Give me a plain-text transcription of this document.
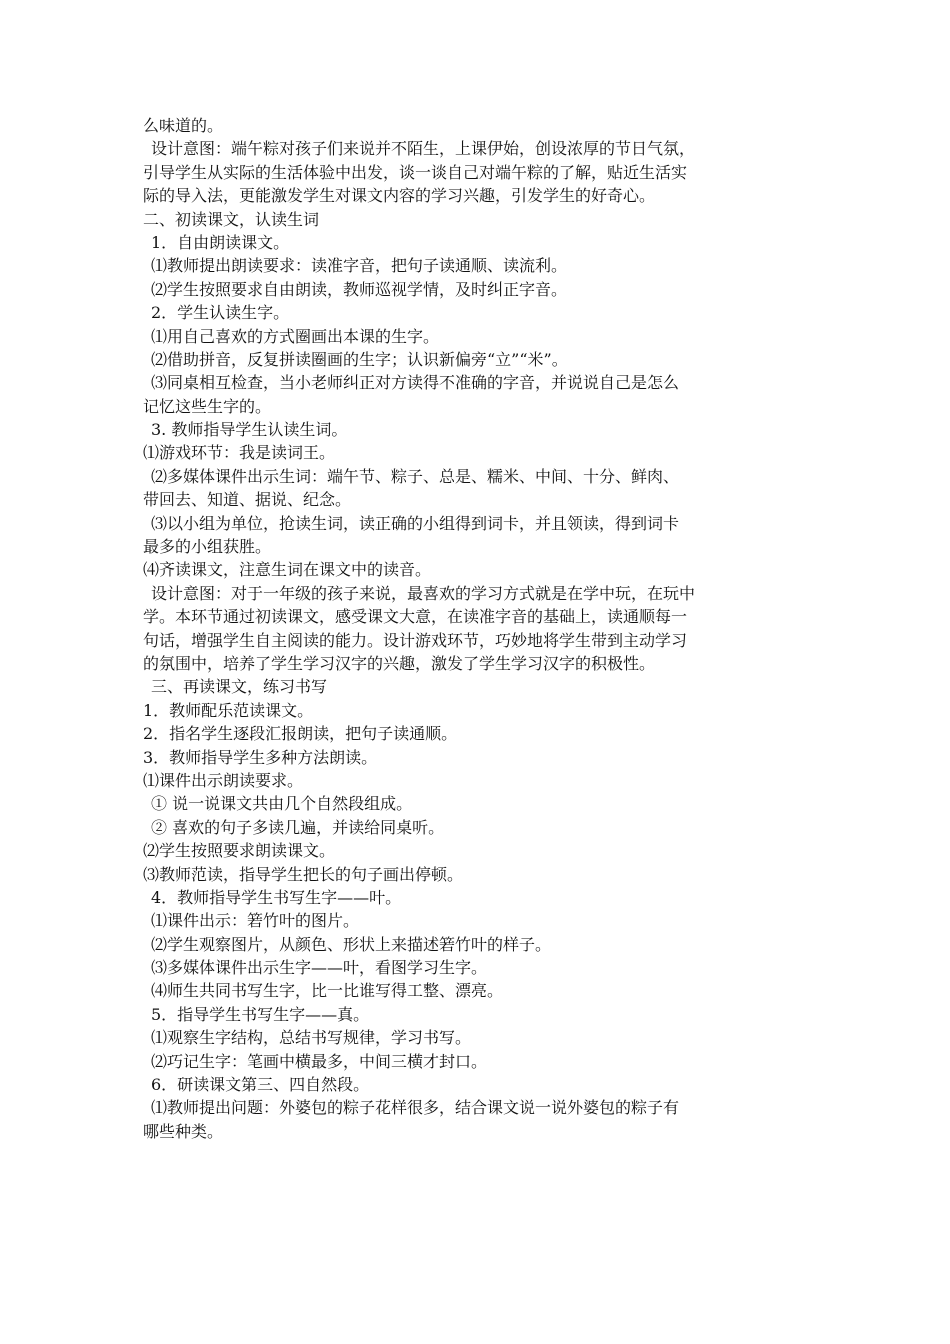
么味道的。
设计意图：端午粽对孩子们来说并不陌生，上课伊始，创设浓厚的节日气氛，
引导学生从实际的生活体验中出发，谈一谈自己对端午粽的了解，贴近生活实
际的导入法，更能激发学生对课文内容的学习兴趣，引发学生的好奇心。
二、初读课文，认读生词
1．自由朗读课文。
⑴教师提出朗读要求：读准字音，把句子读通顺、读流利。
⑵学生按照要求自由朗读，教师巡视学情，及时纠正字音。
2．学生认读生字。
⑴用自己喜欢的方式圈画出本课的生字。
⑵借助拼音，反复拼读圈画的生字；认识新偏旁“立”“米”。
⑶同桌相互检查，当小老师纠正对方读得不准确的字音，并说说自己是怎么
记忆这些生字的。
3. 教师指导学生认读生词。
⑴游戏环节：我是读词王。
⑵多媒体课件出示生词：端午节、粽子、总是、糯米、中间、十分、鲜肉、
带回去、知道、据说、纪念。
⑶以小组为单位，抢读生词，读正确的小组得到词卡，并且领读，得到词卡
最多的小组获胜。
⑷齐读课文，注意生词在课文中的读音。
设计意图：对于一年级的孩子来说，最喜欢的学习方式就是在学中玩，在玩中
学。本环节通过初读课文，感受课文大意，在读准字音的基础上，读通顺每一
句话，增强学生自主阅读的能力。设计游戏环节，巧妙地将学生带到主动学习
的氛围中，培养了学生学习汉字的兴趣，激发了学生学习汉字的积极性。
三、再读课文，练习书写
1．教师配乐范读课文。
2．指名学生逐段汇报朗读，把句子读通顺。
3．教师指导学生多种方法朗读。
⑴课件出示朗读要求。
① 说一说课文共由几个自然段组成。
② 喜欢的句子多读几遍，并读给同桌听。
⑵学生按照要求朗读课文。
⑶教师范读，指导学生把长的句子画出停顿。
4．教师指导学生书写生字——叶。
⑴课件出示：箬竹叶的图片。
⑵学生观察图片，从颜色、形状上来描述箬竹叶的样子。
⑶多媒体课件出示生字——叶，看图学习生字。
⑷师生共同书写生字，比一比谁写得工整、漂亮。
5．指导学生书写生字——真。
⑴观察生字结构，总结书写规律，学习书写。
⑵巧记生字：笔画中横最多，中间三横才封口。
6．研读课文第三、四自然段。
⑴教师提出问题：外婆包的粽子花样很多，结合课文说一说外婆包的粽子有
哪些种类。
